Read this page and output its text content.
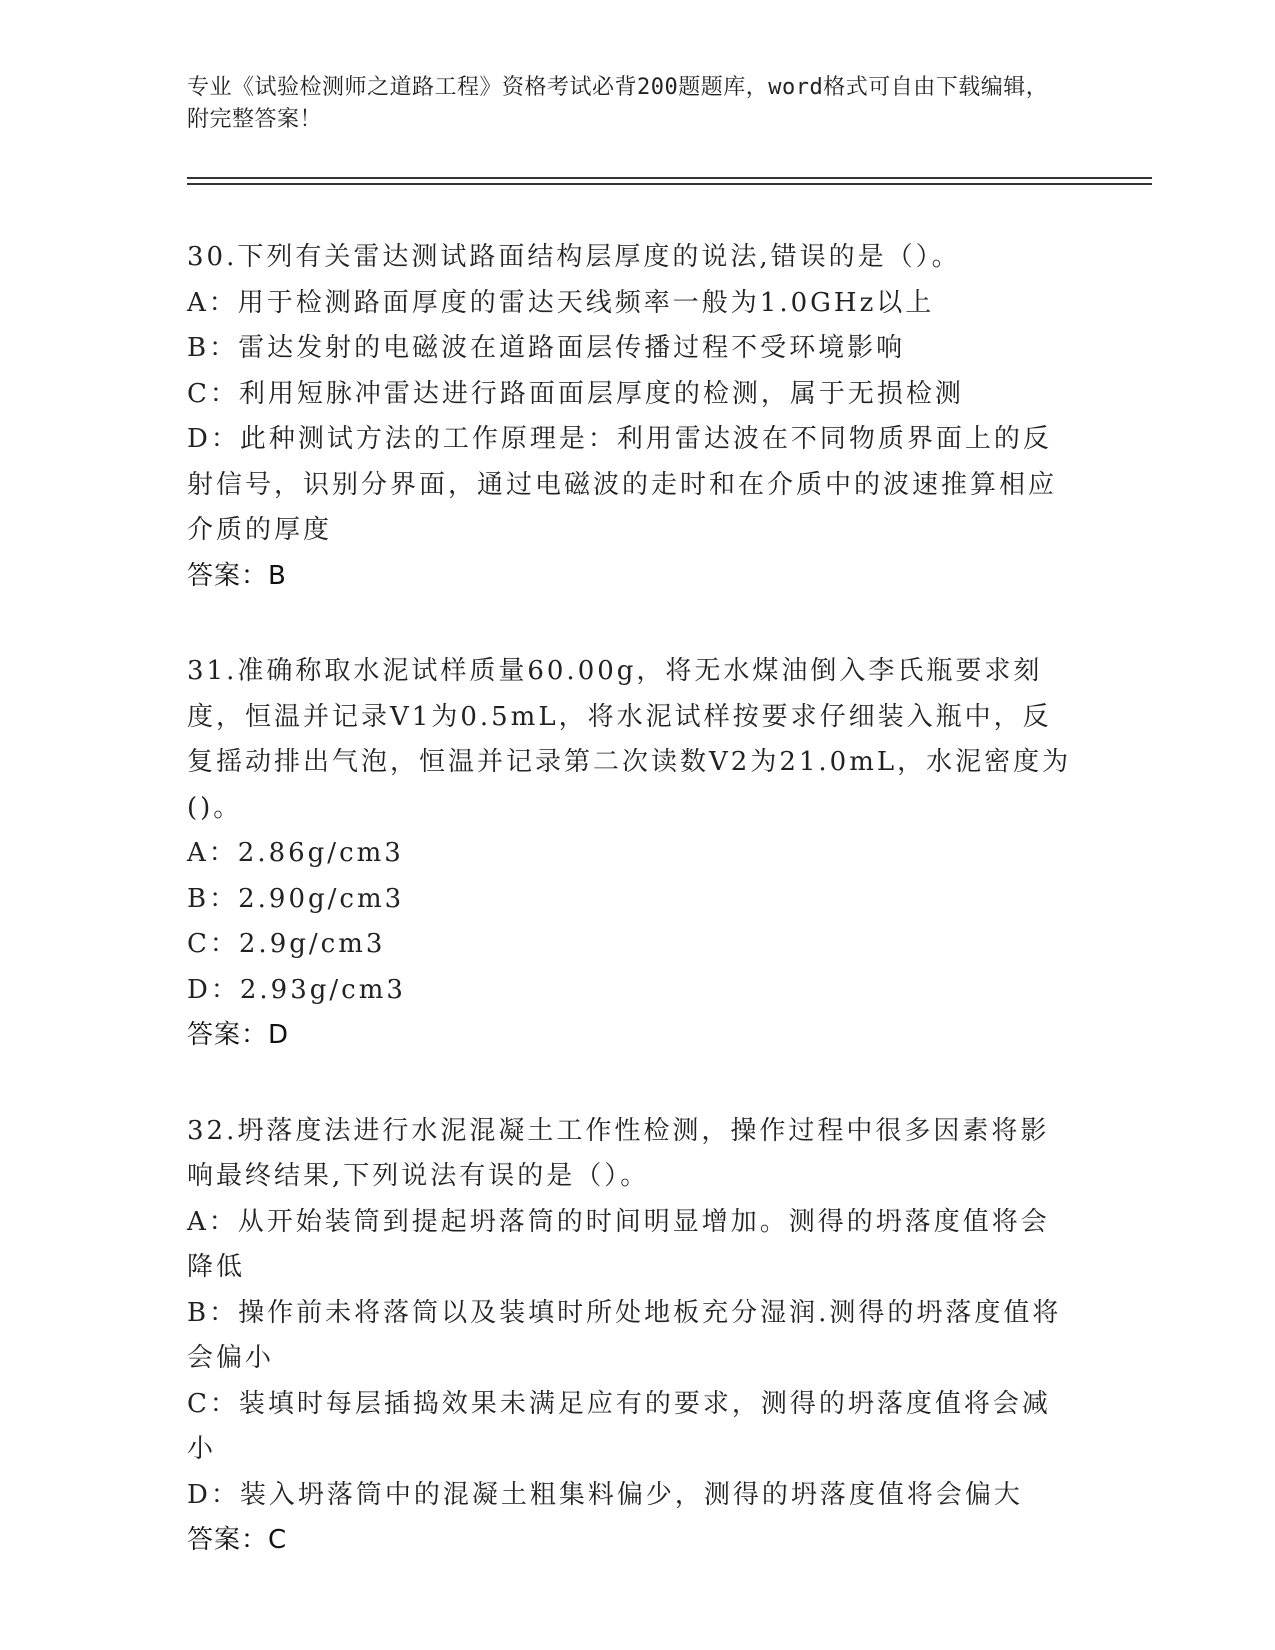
专业《试验检测师之道路工程》资格考试必背200题题库，word格式可自由下载编辑，附完整答案！

30.下列有关雷达测试路面结构层厚度的说法,错误的是（）。

A：用于检测路面厚度的雷达天线频率一般为1.0GHz以上

B：雷达发射的电磁波在道路面层传播过程不受环境影响

C：利用短脉冲雷达进行路面面层厚度的检测，属于无损检测

D：此种测试方法的工作原理是：利用雷达波在不同物质界面上的反射信号，识别分界面，通过电磁波的走时和在介质中的波速推算相应介质的厚度

答案：B

31.准确称取水泥试样质量60.00g，将无水煤油倒入李氏瓶要求刻度，恒温并记录V1为0.5mL，将水泥试样按要求仔细装入瓶中，反复摇动排出气泡，恒温并记录第二次读数V2为21.0mL，水泥密度为()。

A：2.86g/cm3

B：2.90g/cm3

C：2.9g/cm3

D：2.93g/cm3

答案：D

32.坍落度法进行水泥混凝土工作性检测，操作过程中很多因素将影响最终结果,下列说法有误的是（）。

A：从开始装筒到提起坍落筒的时间明显增加。测得的坍落度值将会降低

B：操作前未将落筒以及装填时所处地板充分湿润.测得的坍落度值将会偏小

C：装填时每层插捣效果未满足应有的要求，测得的坍落度值将会减小

D：装入坍落筒中的混凝土粗集料偏少，测得的坍落度值将会偏大

答案：C
